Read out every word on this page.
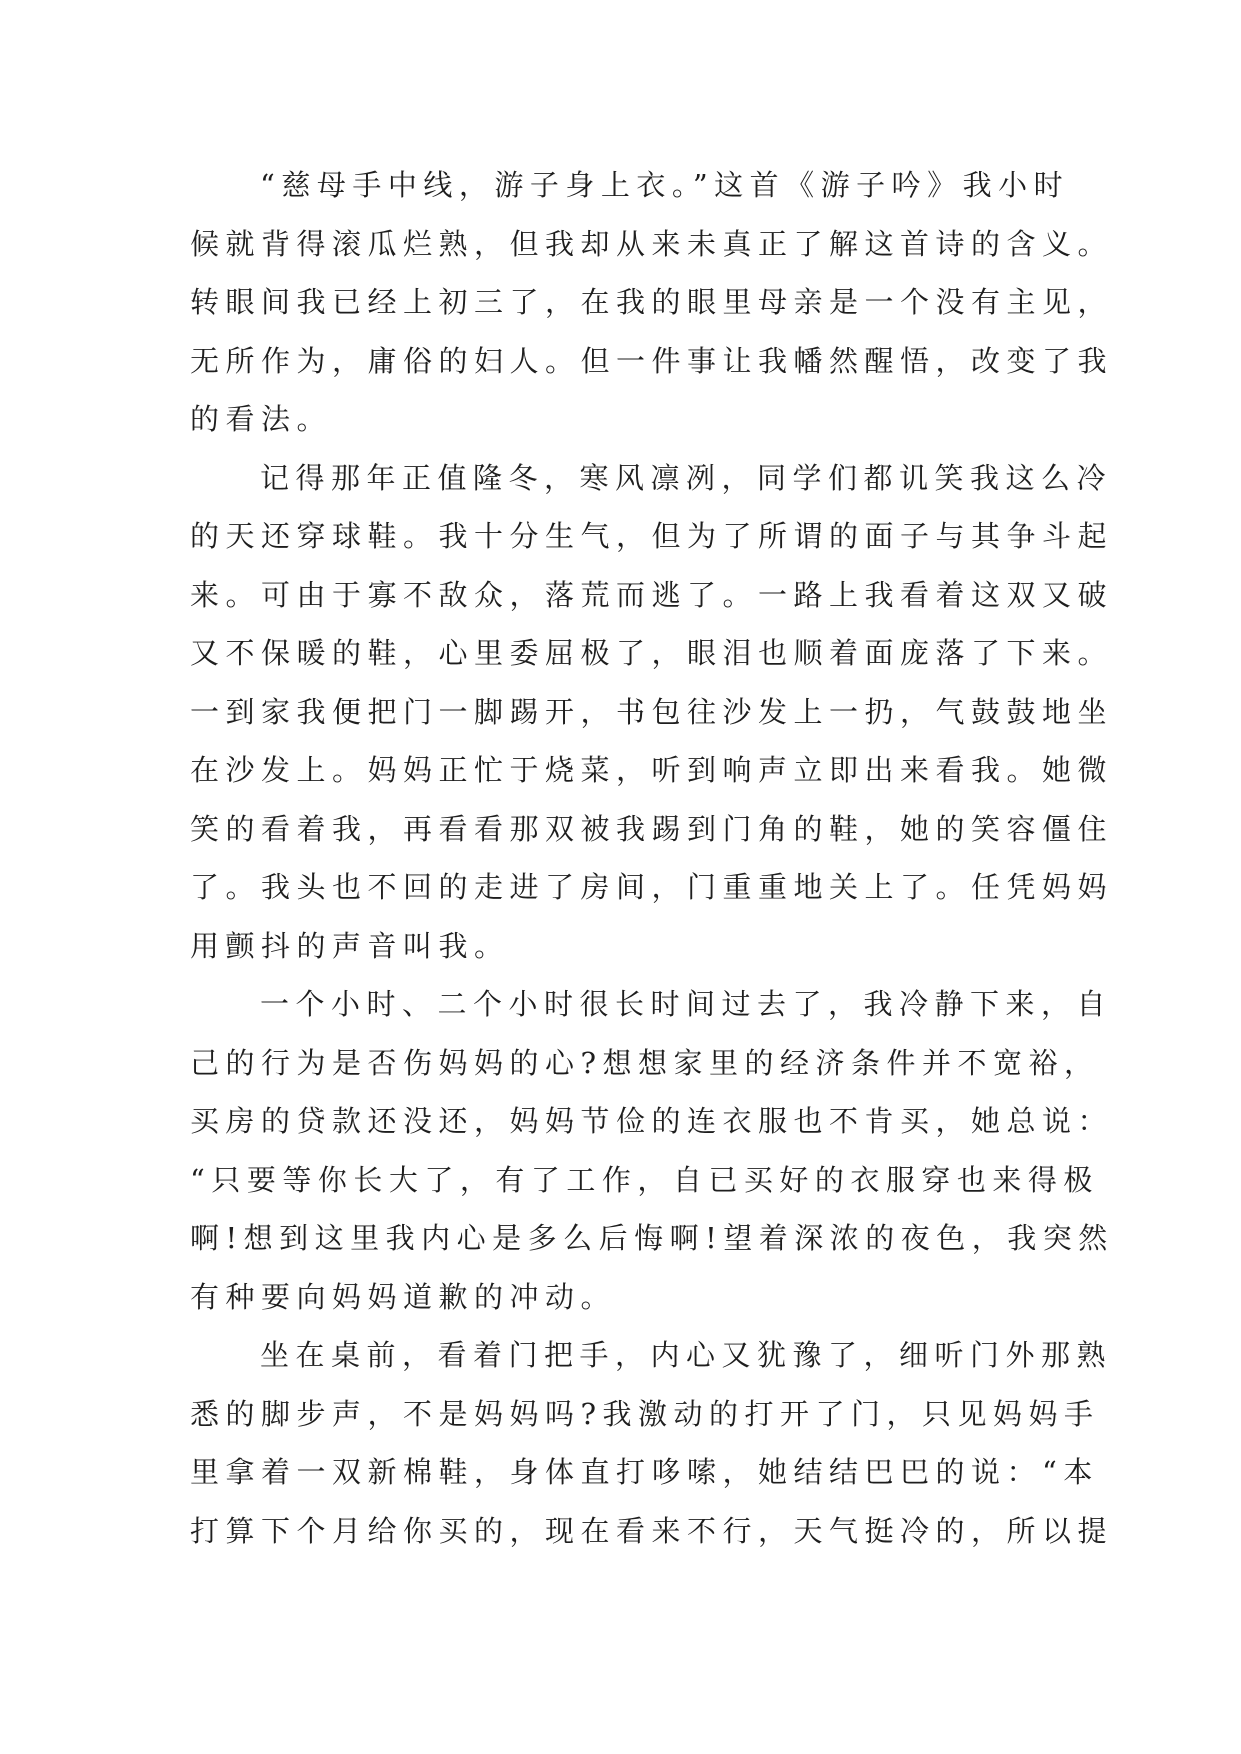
“慈母手中线，游子身上衣。”这首《游子吟》我小时
候就背得滚瓜烂熟，但我却从来未真正了解这首诗的含义。
转眼间我已经上初三了，在我的眼里母亲是一个没有主见，
无所作为，庸俗的妇人。但一件事让我幡然醒悟，改变了我
的看法。

记得那年正值隆冬，寒风凛冽，同学们都讥笑我这么冷
的天还穿球鞋。我十分生气，但为了所谓的面子与其争斗起
来。可由于寡不敌众，落荒而逃了。一路上我看着这双又破
又不保暖的鞋，心里委屈极了，眼泪也顺着面庞落了下来。
一到家我便把门一脚踢开，书包往沙发上一扔，气鼓鼓地坐
在沙发上。妈妈正忙于烧菜，听到响声立即出来看我。她微
笑的看着我，再看看那双被我踢到门角的鞋，她的笑容僵住
了。我头也不回的走进了房间，门重重地关上了。任凭妈妈
用颤抖的声音叫我。

一个小时、二个小时很长时间过去了，我冷静下来，自
己的行为是否伤妈妈的心?想想家里的经济条件并不宽裕，
买房的贷款还没还，妈妈节俭的连衣服也不肯买，她总说：
“只要等你长大了，有了工作，自已买好的衣服穿也来得极
啊!想到这里我内心是多么后悔啊!望着深浓的夜色，我突然
有种要向妈妈道歉的冲动。

坐在桌前，看着门把手，内心又犹豫了，细听门外那熟
悉的脚步声，不是妈妈吗?我激动的打开了门，只见妈妈手
里拿着一双新棉鞋，身体直打哆嗦，她结结巴巴的说：“本
打算下个月给你买的，现在看来不行，天气挺冷的，所以提
